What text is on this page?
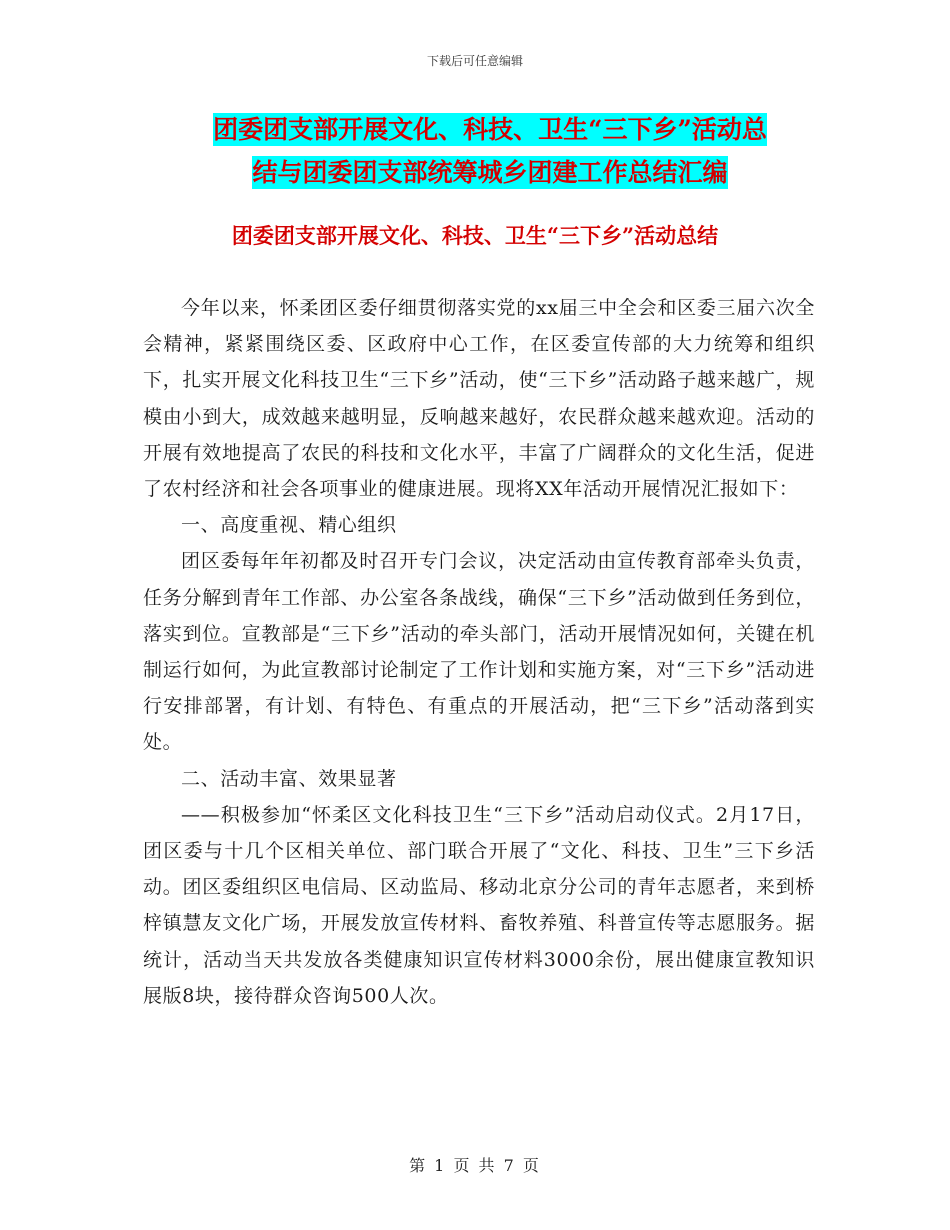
下载后可任意编辑
团委团支部开展文化、科技、卫生“三下乡”活动总
结与团委团支部统筹城乡团建工作总结汇编
团委团支部开展文化、科技、卫生“三下乡”活动总结

今年以来，怀柔团区委仔细贯彻落实党的xx届三中全会和区委三届六次全会精神，紧紧围绕区委、区政府中心工作，在区委宣传部的大力统筹和组织下，扎实开展文化科技卫生“三下乡”活动，使“三下乡”活动路子越来越广，规模由小到大，成效越来越明显，反响越来越好，农民群众越来越欢迎。活动的开展有效地提高了农民的科技和文化水平，丰富了广阔群众的文化生活，促进了农村经济和社会各项事业的健康进展。现将XX年活动开展情况汇报如下：

一、高度重视、精心组织

团区委每年年初都及时召开专门会议，决定活动由宣传教育部牵头负责，任务分解到青年工作部、办公室各条战线，确保“三下乡”活动做到任务到位，落实到位。宣教部是“三下乡”活动的牵头部门，活动开展情况如何，关键在机制运行如何，为此宣教部讨论制定了工作计划和实施方案，对“三下乡”活动进行安排部署，有计划、有特色、有重点的开展活动，把“三下乡”活动落到实处。

二、活动丰富、效果显著

——积极参加“怀柔区文化科技卫生“三下乡”活动启动仪式。2月17日，团区委与十几个区相关单位、部门联合开展了“文化、科技、卫生”三下乡活动。团区委组织区电信局、区动监局、移动北京分公司的青年志愿者，来到桥梓镇慧友文化广场，开展发放宣传材料、畜牧养殖、科普宣传等志愿服务。据统计，活动当天共发放各类健康知识宣传材料3000余份，展出健康宣教知识展版8块，接待群众咨询500人次。

第 1 页 共 7 页
